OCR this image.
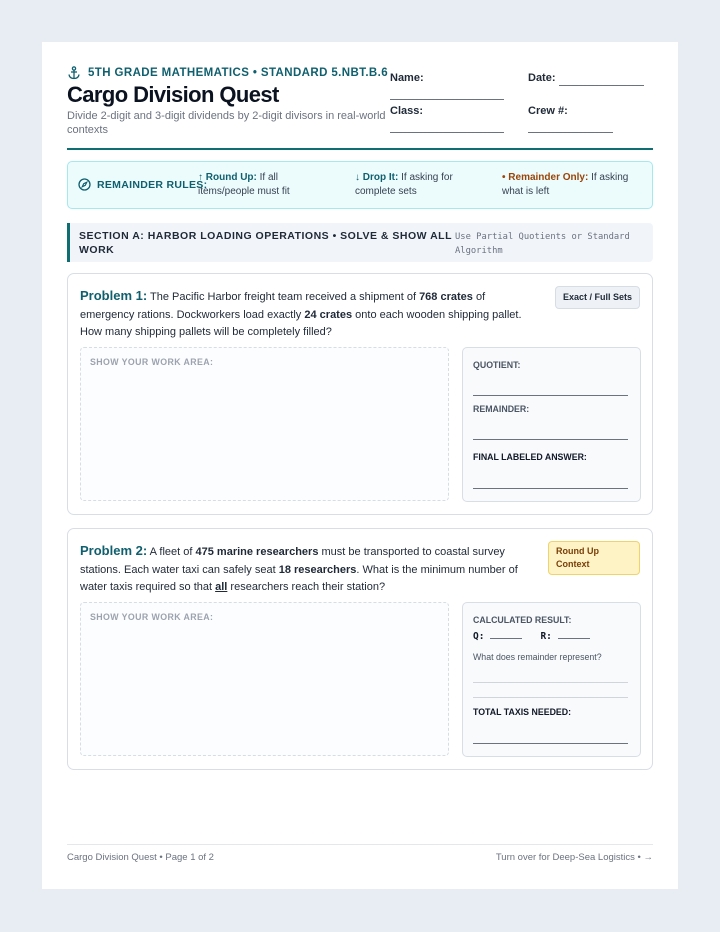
5TH GRADE MATHEMATICS • STANDARD 5.NBT.B.6
Cargo Division Quest
Divide 2-digit and 3-digit dividends by 2-digit divisors in real-world contexts
Name:	Date:
Class:	Crew #:
REMAINDER RULES:
↑ Round Up: If all items/people must fit
↓ Drop It: If asking for complete sets
• Remainder Only: If asking what is left
SECTION A: HARBOR LOADING OPERATIONS • SOLVE & SHOW ALL WORK
Use Partial Quotients or Standard Algorithm
Problem 1: The Pacific Harbor freight team received a shipment of 768 crates of emergency rations. Dockworkers load exactly 24 crates onto each wooden shipping pallet. How many shipping pallets will be completely filled?
Exact / Full Sets
SHOW YOUR WORK AREA:	QUOTIENT:
REMAINDER:
FINAL LABELED ANSWER:
Problem 2: A fleet of 475 marine researchers must be transported to coastal survey stations. Each water taxi can safely seat 18 researchers. What is the minimum number of water taxis required so that all researchers reach their station?
Round Up Context
SHOW YOUR WORK AREA:	CALCULATED RESULT:
Q:	R:
What does remainder represent?
TOTAL TAXIS NEEDED:
Cargo Division Quest • Page 1 of 2	Turn over for Deep-Sea Logistics • →
